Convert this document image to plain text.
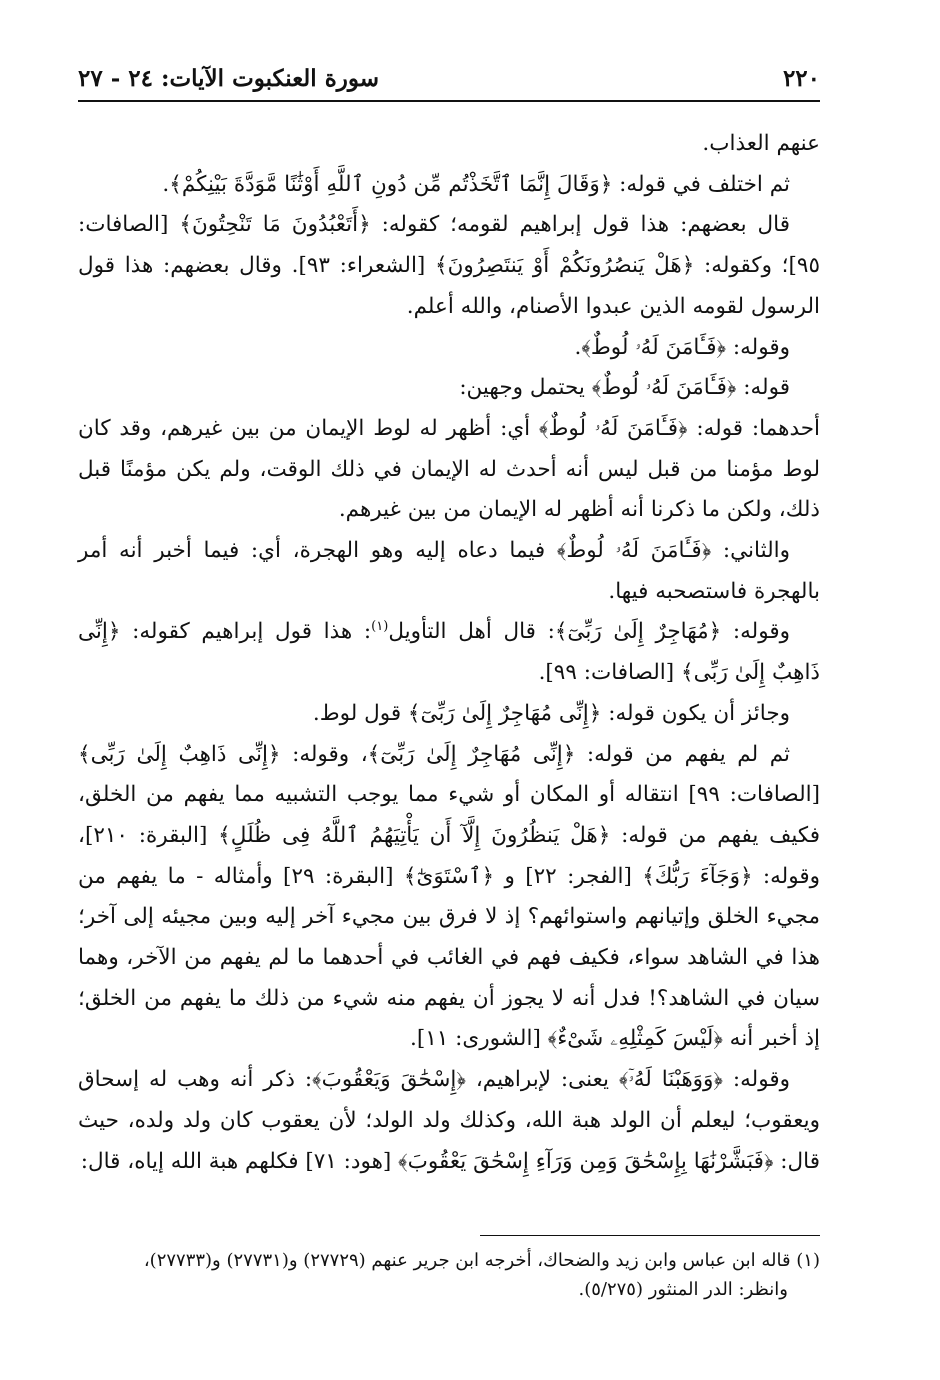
٢٢٠
سورة العنكبوت الآيات: ٢٤ - ٢٧

عنهم العذاب.

ثم اختلف في قوله: ﴿وَقَالَ إِنَّمَا ٱتَّخَذْتُم مِّن دُونِ ٱللَّهِ أَوْثَٰنًا مَّوَدَّةَ بَيْنِكُمْ﴾.

قال بعضهم: هذا قول إبراهيم لقومه؛ كقوله: ﴿أَتَعْبُدُونَ مَا تَنْحِتُونَ﴾ [الصافات: ٩٥]؛ وكقوله: ﴿هَلْ يَنصُرُونَكُمْ أَوْ يَنتَصِرُونَ﴾ [الشعراء: ٩٣]. وقال بعضهم: هذا قول الرسول لقومه الذين عبدوا الأصنام، والله أعلم.

وقوله: ﴿فَـَٔامَنَ لَهُۥ لُوطٌ﴾.

قوله: ﴿فَـَٔامَنَ لَهُۥ لُوطٌ﴾ يحتمل وجهين:

أحدهما: قوله: ﴿فَـَٔامَنَ لَهُۥ لُوطٌ﴾ أي: أظهر له لوط الإيمان من بين غيرهم، وقد كان لوط مؤمنا من قبل ليس أنه أحدث له الإيمان في ذلك الوقت، ولم يكن مؤمنًا قبل ذلك، ولكن ما ذكرنا أنه أظهر له الإيمان من بين غيرهم.

والثاني: ﴿فَـَٔامَنَ لَهُۥ لُوطٌ﴾ فيما دعاه إليه وهو الهجرة، أي: فيما أخبر أنه أمر بالهجرة فاستصحبه فيها.

وقوله: ﴿مُهَاجِرٌ إِلَىٰ رَبِّىٓ﴾: قال أهل التأويل$^{(١)}$: هذا قول إبراهيم كقوله: ﴿إِنِّى ذَاهِبٌ إِلَىٰ رَبِّى﴾ [الصافات: ٩٩].

وجائز أن يكون قوله: ﴿إِنِّى مُهَاجِرٌ إِلَىٰ رَبِّىٓ﴾ قول لوط.

ثم لم يفهم من قوله: ﴿إِنِّى مُهَاجِرٌ إِلَىٰ رَبِّىٓ﴾، وقوله: ﴿إِنِّى ذَاهِبٌ إِلَىٰ رَبِّى﴾ [الصافات: ٩٩] انتقاله أو المكان أو شيء مما يوجب التشبيه مما يفهم من الخلق، فكيف يفهم من قوله: ﴿هَلْ يَنظُرُونَ إِلَّآ أَن يَأْتِيَهُمُ ٱللَّهُ فِى ظُلَلٍ﴾ [البقرة: ٢١٠]، وقوله: ﴿وَجَآءَ رَبُّكَ﴾ [الفجر: ٢٢] و ﴿ٱسْتَوَىٰٓ﴾ [البقرة: ٢٩] وأمثاله - ما يفهم من مجيء الخلق وإتيانهم واستوائهم؟ إذ لا فرق بين مجيء آخر إليه وبين مجيئه إلى آخر؛ هذا في الشاهد سواء، فكيف فهم في الغائب في أحدهما ما لم يفهم من الآخر، وهما سيان في الشاهد؟! فدل أنه لا يجوز أن يفهم منه شيء من ذلك ما يفهم من الخلق؛ إذ أخبر أنه ﴿لَيْسَ كَمِثْلِهِۦ شَىْءٌ﴾ [الشورى: ١١].

وقوله: ﴿وَوَهَبْنَا لَهُۥٓ﴾ يعنى: لإبراهيم، ﴿إِسْحَٰقَ وَيَعْقُوبَ﴾: ذكر أنه وهب له إسحاق ويعقوب؛ ليعلم أن الولد هبة الله، وكذلك ولد الولد؛ لأن يعقوب كان ولد ولده، حيث قال: ﴿فَبَشَّرْنَٰهَا بِإِسْحَٰقَ وَمِن وَرَآءِ إِسْحَٰقَ يَعْقُوبَ﴾ [هود: ٧١] فكلهم هبة الله إياه، قال:

(١) قاله ابن عباس وابن زيد والضحاك، أخرجه ابن جرير عنهم (٢٧٧٢٩) و(٢٧٧٣١) و(٢٧٧٣٣)،

وانظر: الدر المنثور (٥/٢٧٥).
